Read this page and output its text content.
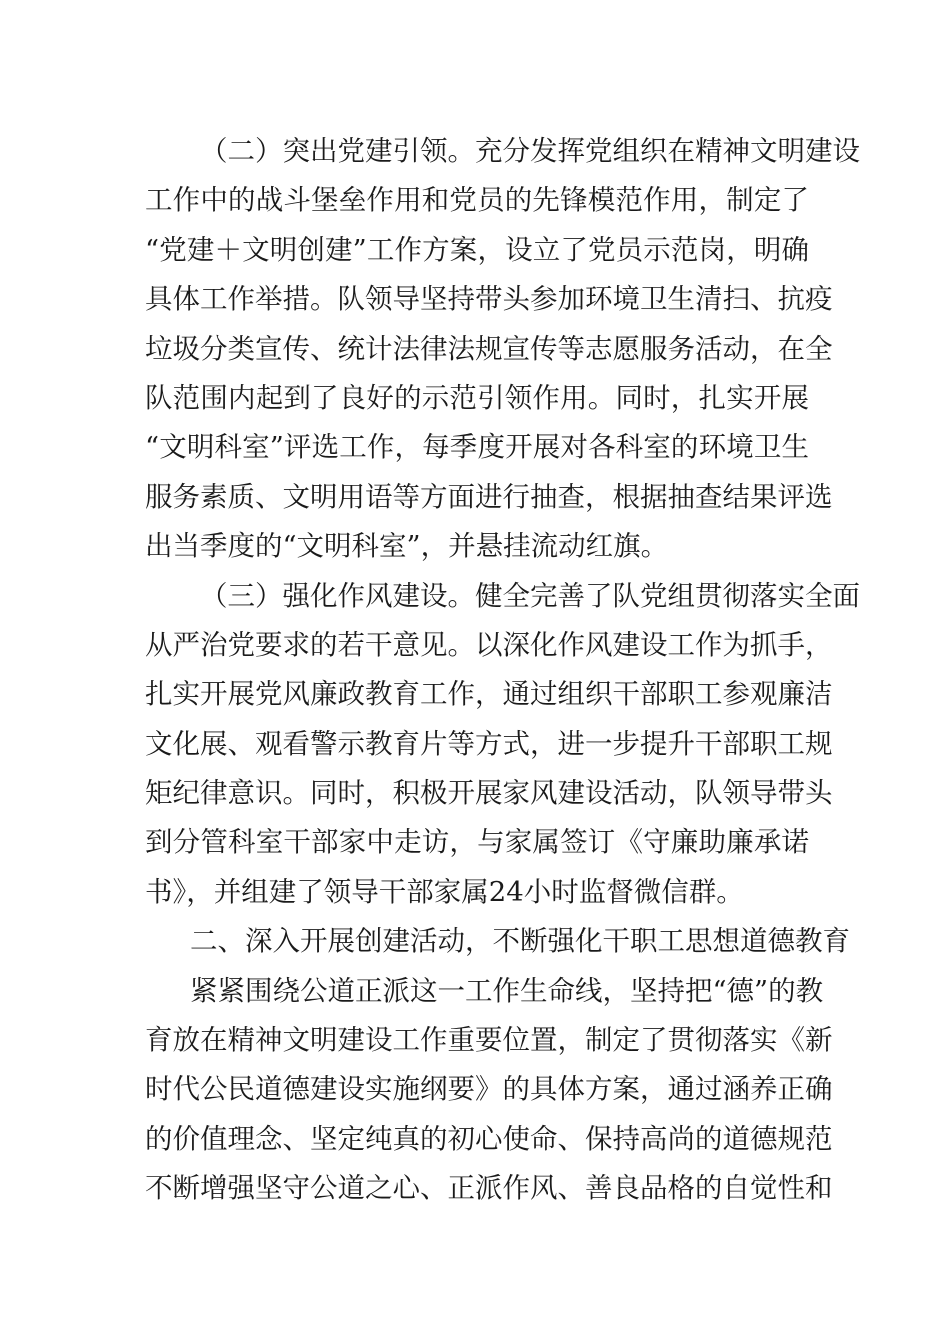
（二）突出党建引领。充分发挥党组织在精神文明建设
工作中的战斗堡垒作用和党员的先锋模范作用，制定了
“党建＋文明创建”工作方案，设立了党员示范岗，明确
具体工作举措。队领导坚持带头参加环境卫生清扫、抗疫
垃圾分类宣传、统计法律法规宣传等志愿服务活动，在全
队范围内起到了良好的示范引领作用。同时，扎实开展
“文明科室”评选工作，每季度开展对各科室的环境卫生
服务素质、文明用语等方面进行抽查，根据抽查结果评选
出当季度的“文明科室”，并悬挂流动红旗。
（三）强化作风建设。健全完善了队党组贯彻落实全面
从严治党要求的若干意见。以深化作风建设工作为抓手，
扎实开展党风廉政教育工作，通过组织干部职工参观廉洁
文化展、观看警示教育片等方式，进一步提升干部职工规
矩纪律意识。同时，积极开展家风建设活动，队领导带头
到分管科室干部家中走访，与家属签订《守廉助廉承诺
书》，并组建了领导干部家属24小时监督微信群。
二、深入开展创建活动，不断强化干职工思想道德教育
紧紧围绕公道正派这一工作生命线，坚持把“德”的教
育放在精神文明建设工作重要位置，制定了贯彻落实《新
时代公民道德建设实施纲要》的具体方案，通过涵养正确
的价值理念、坚定纯真的初心使命、保持高尚的道德规范
不断增强坚守公道之心、正派作风、善良品格的自觉性和
